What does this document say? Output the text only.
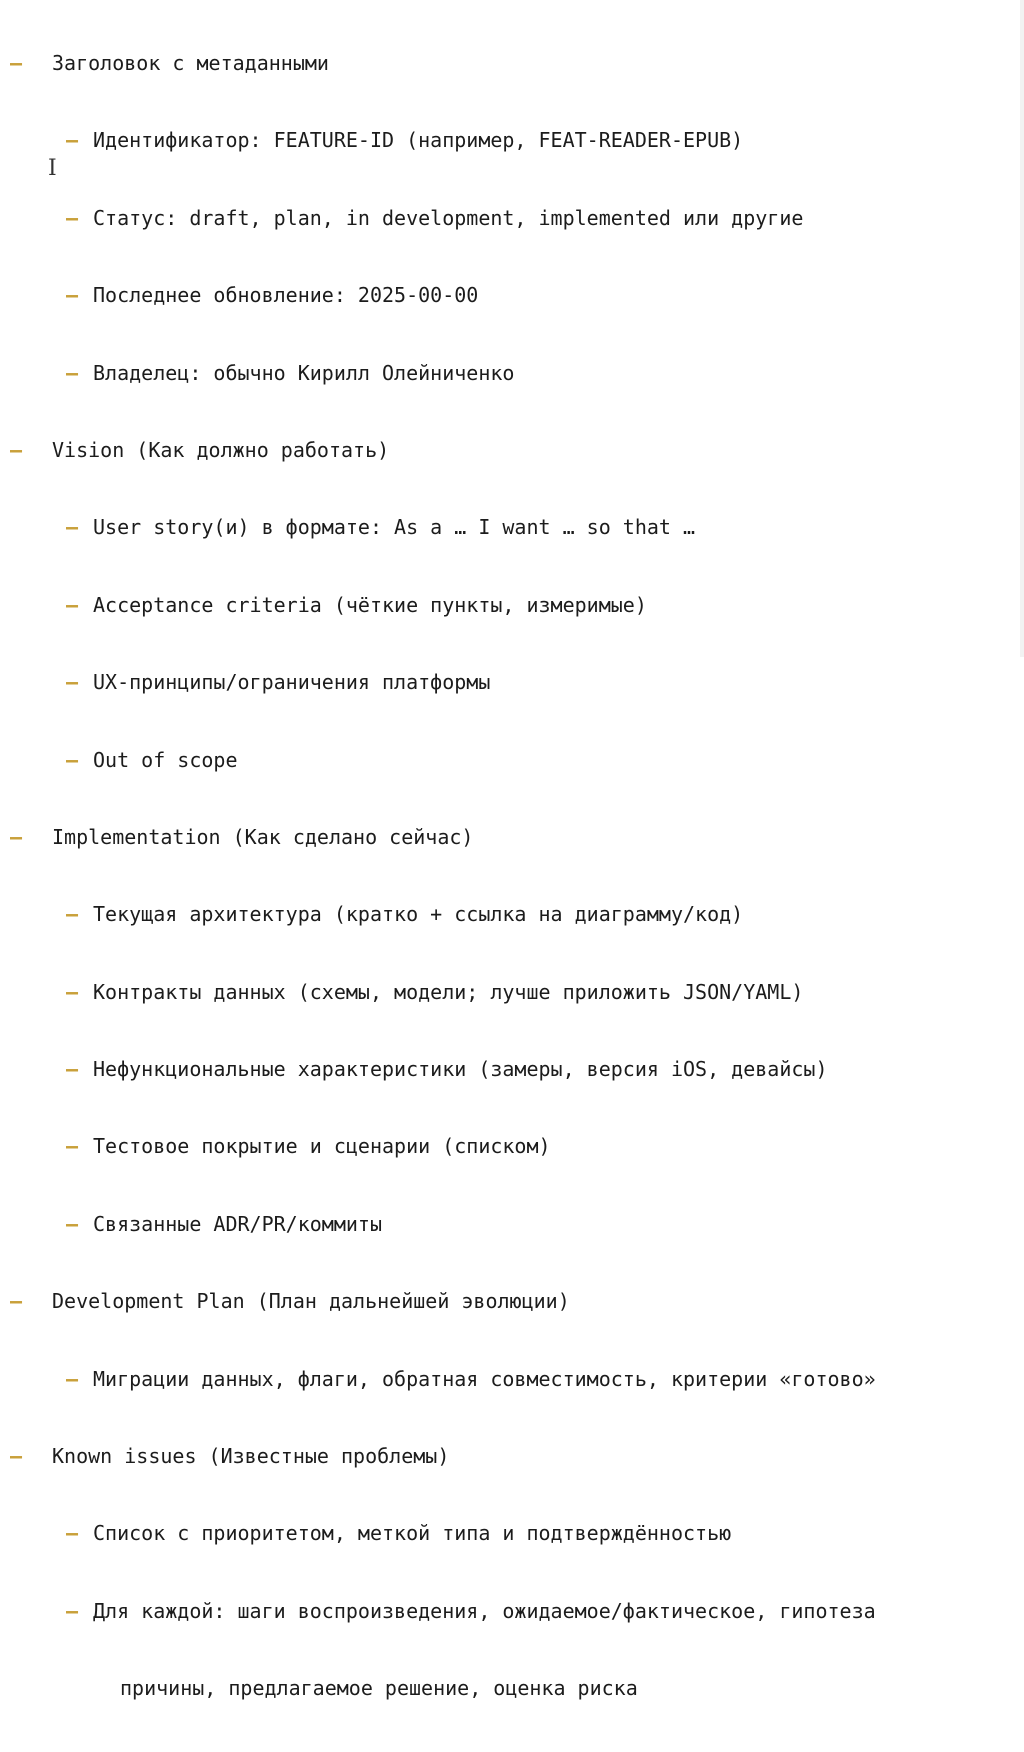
– Заголовок с метаданными

– Идентификатор: FEATURE-ID (например, FEAT-READER-EPUB)

– Статус: draft, plan, in development, implemented или другие

– Последнее обновление: 2025-00-00

– Владелец: обычно Кирилл Олейниченко

– Vision (Как должно работать)

– User story(и) в формате: As a … I want … so that …

– Acceptance criteria (чёткие пункты, измеримые)

– UX-принципы/ограничения платформы

– Out of scope

– Implementation (Как сделано сейчас)

– Текущая архитектура (кратко + ссылка на диаграмму/код)

– Контракты данных (схемы, модели; лучше приложить JSON/YAML)

– Нефункциональные характеристики (замеры, версия iOS, девайсы)

– Тестовое покрытие и сценарии (списком)

– Связанные ADR/PR/коммиты

– Development Plan (План дальнейшей эволюции)

– Миграции данных, флаги, обратная совместимость, критерии «готово»

– Known issues (Известные проблемы)

– Список с приоритетом, меткой типа и подтверждённостью

– Для каждой: шаги воспроизведения, ожидаемое/фактическое, гипотеза

причины, предлагаемое решение, оценка риска

I
